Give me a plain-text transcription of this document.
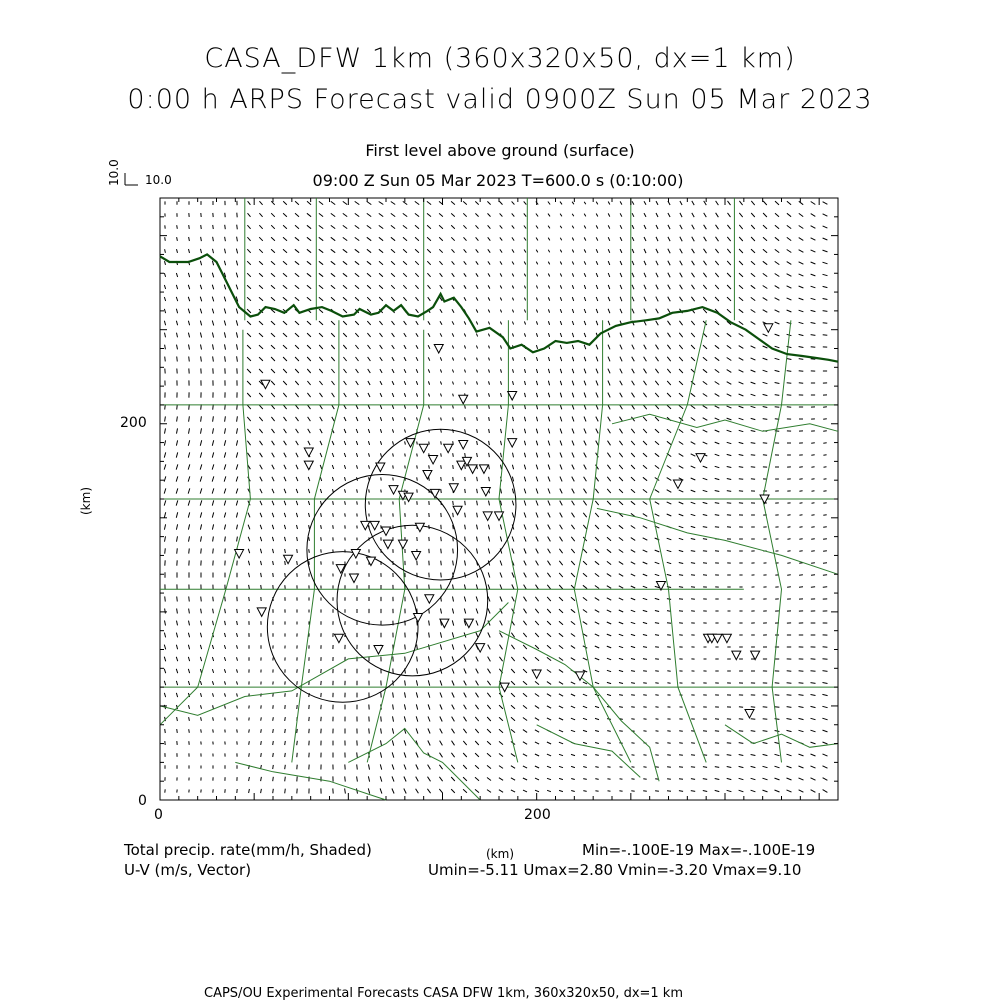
CASA_DFW 1km (360x320x50, dx=1 km)
0:00 h ARPS Forecast valid 0900Z Sun 05 Mar 2023
First level above ground (surface)
09:00 Z Sun 05 Mar 2023 T=600.0 s (0:10:00)
10.0 10.0
200
0
0	200
(km)
(km)
Total precip. rate(mm/h, Shaded)	Min=-.100E-19 Max=-.100E-19
U-V (m/s, Vector)	Umin=-5.11 Umax=2.80 Vmin=-3.20 Vmax=9.10
CAPS/OU Experimental Forecasts CASA DFW 1km, 360x320x50, dx=1 km
